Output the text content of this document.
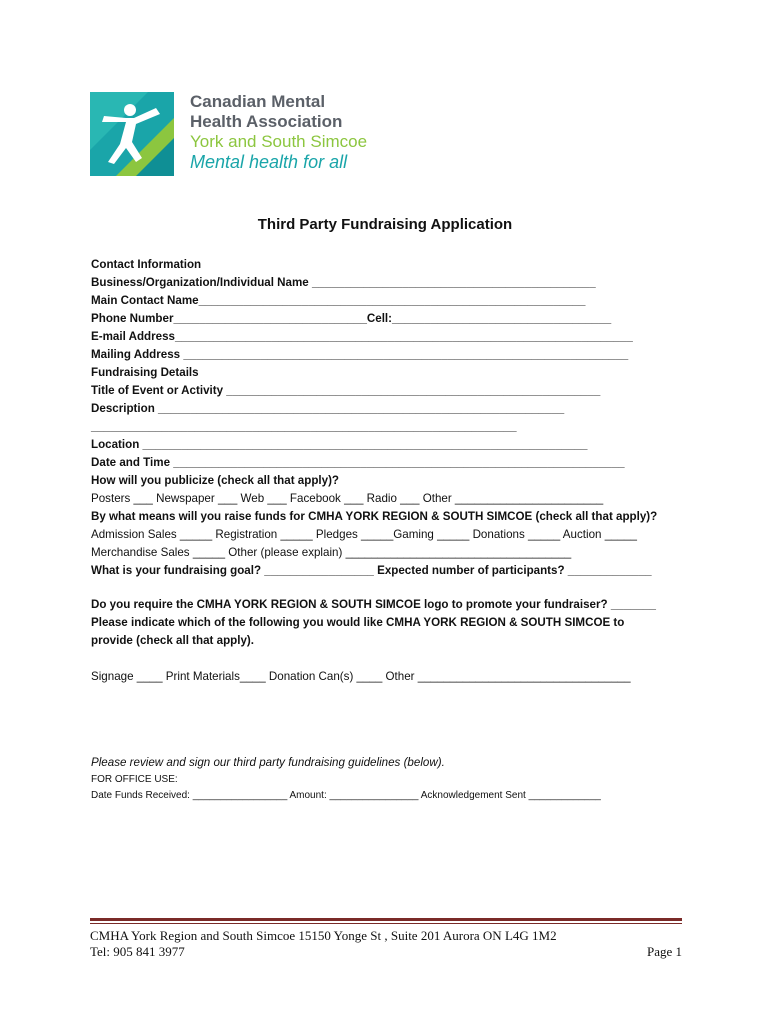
Canadian Mental
Health Association
York and South Simcoe
Mental health for all
Third Party Fundraising Application
Contact Information
Business/Organization/Individual Name ____________________________________________
Main Contact Name____________________________________________________________
Phone Number______________________________Cell:__________________________________
E-mail Address_______________________________________________________________________
Mailing Address _____________________________________________________________________
Fundraising Details
Title of Event or Activity __________________________________________________________
Description _______________________________________________________________
__________________________________________________________________
Location _____________________________________________________________________
Date and Time ______________________________________________________________________
How will you publicize (check all that apply)?
Posters ___ Newspaper ___ Web ___ Facebook ___ Radio ___ Other _______________________
By what means will you raise funds for CMHA YORK REGION & SOUTH SIMCOE (check all that apply)?
Admission Sales _____ Registration _____ Pledges _____Gaming _____ Donations _____ Auction _____
Merchandise Sales _____ Other (please explain) ___________________________________
What is your fundraising goal? _________________ Expected number of participants? _____________
Do you require the CMHA YORK REGION & SOUTH SIMCOE logo to promote your fundraiser? _______
Please indicate which of the following you would like CMHA YORK REGION & SOUTH SIMCOE to
provide (check all that apply).
Signage ____ Print Materials____ Donation Can(s) ____ Other _________________________________
Please review and sign our third party fundraising guidelines (below).
FOR OFFICE USE:
Date Funds Received: _________________ Amount: ________________ Acknowledgement Sent _____________
CMHA York Region and South Simcoe 15150 Yonge St , Suite 201 Aurora ON L4G 1M2
Tel: 905 841 3977	Page 1
